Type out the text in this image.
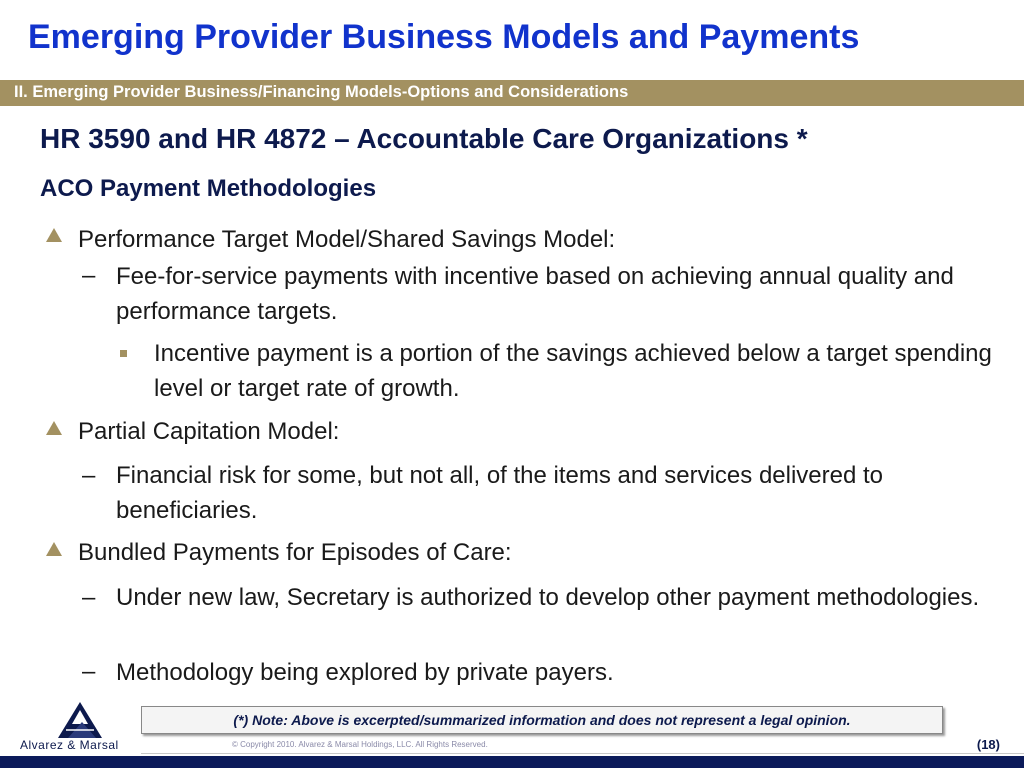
Emerging Provider Business Models and Payments
II. Emerging Provider Business/Financing Models-Options and Considerations
HR 3590 and HR 4872 – Accountable Care Organizations *
ACO Payment Methodologies
Performance Target Model/Shared Savings Model:
– Fee-for-service payments with incentive based on achieving annual quality and performance targets.
Incentive payment is a portion of the savings achieved below a target spending level or target rate of growth.
Partial Capitation Model:
– Financial risk for some, but not all, of the items and services delivered to beneficiaries.
Bundled Payments for Episodes of Care:
– Under new law, Secretary is authorized to develop other payment methodologies.
– Methodology being explored by private payers.
(*) Note: Above is excerpted/summarized information and does not represent a legal opinion.
Alvarez & Marsal	© Copyright 2010. Alvarez & Marsal Holdings, LLC. All Rights Reserved.	(18)
